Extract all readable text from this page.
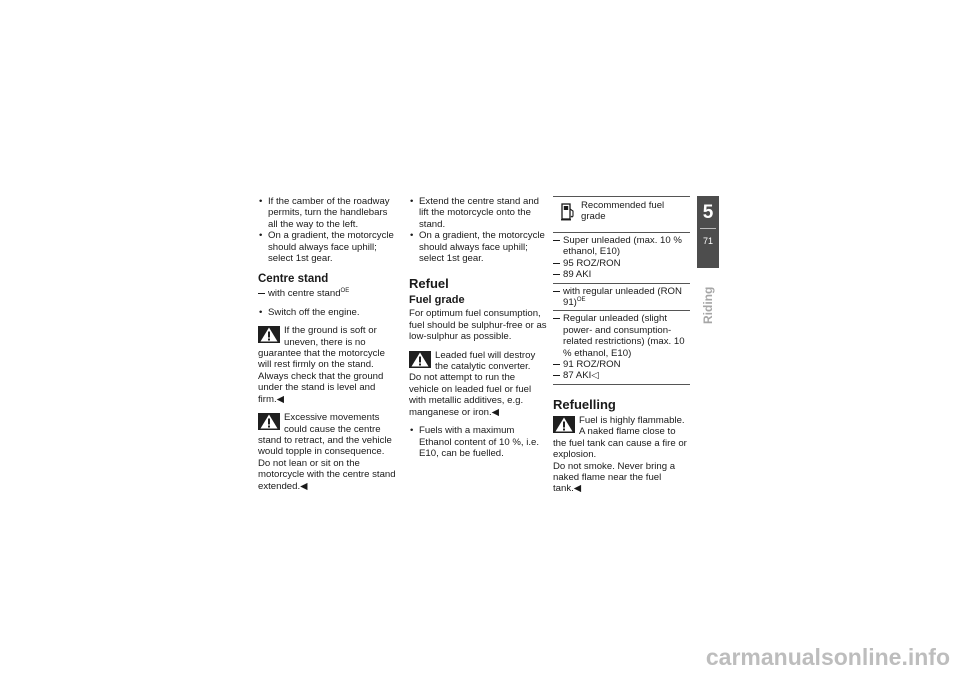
• If the camber of the roadway permits, turn the handlebars all the way to the left.

• On a gradient, the motorcycle should always face uphill; select 1st gear.

Centre stand

with centre stand$^{OE}$

• Switch off the engine.

If the ground is soft or uneven, there is no guarantee that the motorcycle will rest firmly on the stand.

Always check that the ground under the stand is level and firm.◀

Excessive movements could cause the centre stand to retract, and the vehicle would topple in consequence.

Do not lean or sit on the motorcycle with the centre stand extended.◀

• Extend the centre stand and lift the motorcycle onto the stand.

• On a gradient, the motorcycle should always face uphill; select 1st gear.

Refuel
Fuel grade

For optimum fuel consumption, fuel should be sulphur-free or as low-sulphur as possible.

Leaded fuel will destroy the catalytic converter.

Do not attempt to run the vehicle on leaded fuel or fuel with metallic additives, e.g. manganese or iron.◀

• Fuels with a maximum Ethanol content of 10 %, i.e. E10, can be fuelled.

Recommended fuel grade

Super unleaded (max. 10 % ethanol, E10)

95 ROZ/RON

89 AKI

with regular unleaded (RON 91)$^{OE}$

Regular unleaded (slight power- and consumption-related restrictions) (max. 10 % ethanol, E10)

91 ROZ/RON

87 AKI◁

Refuelling

Fuel is highly flammable. A naked flame close to the fuel tank can cause a fire or explosion.

Do not smoke. Never bring a naked flame near the fuel tank.◀

5
71
Riding
carmanualsonline.info
